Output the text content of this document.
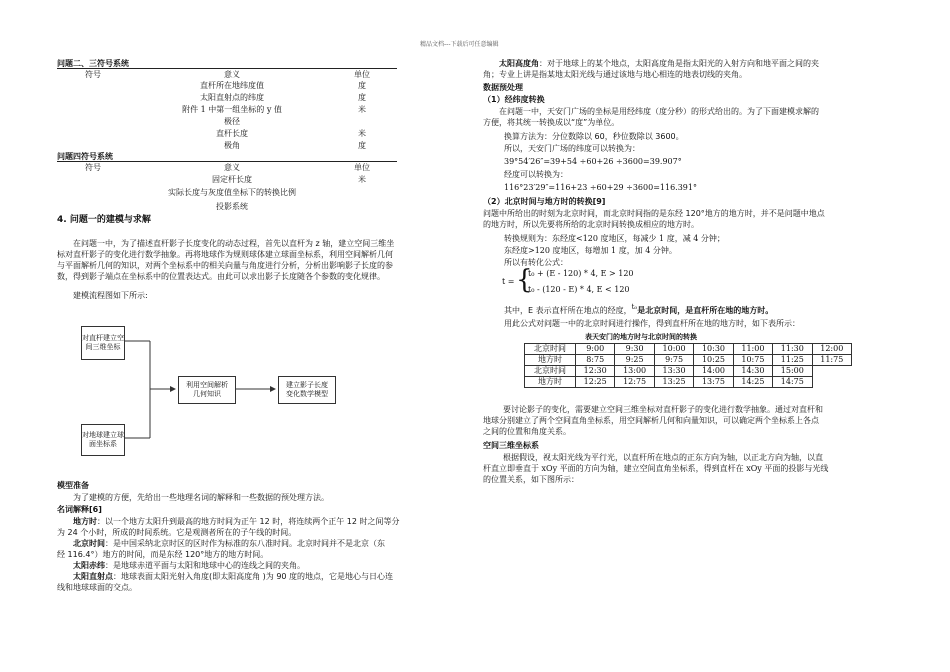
精品文档---下载后可任意编辑
问题二、三符号系统
符号	意义	单位
直杆所在地纬度值	度
太阳直射点的纬度	度
附件 1 中第一组坐标的 y 值	米
极径
直杆长度	米
极角	度
问题四符号系统
符号	意义	单位
固定杆长度	米
实际长度与灰度值坐标下的转换比例
投影系统
4. 问题一的建模与求解
在问题一中，为了描述直杆影子长度变化的动态过程，首先以直杆为 z 轴，建立空间三维坐
标对直杆影子的变化进行数学抽象。再将地球作为规则球体建立球面坐标系，利用空间解析几何
与平面解析几何的知识，对两个坐标系中的相关向量与角度进行分析，分析出影响影子长度的参
数，得到影子端点在坐标系中的位置表达式。由此可以求出影子长度随各个参数的变化规律。
建模流程图如下所示:
对直杆建立空
间三维坐标
对地球建立球
面坐标系
利用空间解析
几何知识
建立影子长度
变化数学模型
模型准备
为了建模的方便，先给出一些地理名词的解释和一些数据的预处理方法。
名词解释[6]
地方时：以一个地方太阳升到最高的地方时间为正午 12 时，将连续两个正午 12 时之间等分
为 24 个小时，所成的时间系统。它是观测者所在的子午线的时间。
北京时间：是中国采纳北京时区的区时作为标准的东八准时间。北京时间并不是北京（东
经 116.4°）地方的时间，而是东经 120°地方的地方时间。
太阳赤纬：是地球赤道平面与太阳和地球中心的连线之间的夹角。
太阳直射点：地球表面太阳光射入角度(即太阳高度角 )为 90 度的地点，它是地心与日心连
线和地球球面的交点。
太阳高度角：对于地球上的某个地点，太阳高度角是指太阳光的入射方向和地平面之间的夹
角；专业上讲是指某地太阳光线与通过该地与地心相连的地表切线的夹角。
数据预处理
（1）经纬度转换
在问题一中，天安门广场的坐标是用经纬度（度分秒）的形式给出的。为了下面建模求解的
方便，将其统一转换成以“度”为单位。
换算方法为：分位数除以 60，秒位数除以 3600。
所以，天安门广场的纬度可以转换为：
39°54′26″=39+54 ÷60+26 ÷3600=39.907°
经度可以转换为：
116°23′29″=116+23 ÷60+29 ÷3600=116.391°
（2）北京时间与地方时的转换[9]
问题中所给出的时刻为北京时间，而北京时间指的是东经 120°地方的地方时，并不是问题中地点
的地方时，所以先要将所给的北京时间转换成相应的地方时。
转换规则为：东经度<120 度地区，每减少 1 度，减 4 分钟；
东经度>120 度地区，每增加 1 度，加 4 分钟。
所以有转化公式：
t = {
t₀ + (E - 120) * 4, E > 120
t₀ - (120 - E) * 4, E < 120
其中，E 表示直杆所在地点的经度，t₀是北京时间，是直杆所在地的地方时。
用此公式对问题一中的北京时间进行操作，得到直杆所在地的地方时，如下表所示：
表天安门的地方时与北京时间的转换
北京时间	9:00	9:30	10:00	10:30	11:00	11:30	12:00
地方时	8:75	9:25	9:75	10:25	10:75	11:25	11:75
北京时间	12:30	13:00	13:30	14:00	14:30	15:00	
地方时	12:25	12:75	13:25	13:75	14:25	14:75	
要讨论影子的变化，需要建立空间三维坐标对直杆影子的变化进行数学抽象。通过对直杆和
地球分别建立了两个空间直角坐标系，用空间解析几何和向量知识，可以确定两个坐标系上各点
之间的位置和角度关系。
空间三维坐标系
根据假设，视太阳光线为平行光，以直杆所在地点的正东方向为轴，以正北方向为轴，以直
杆直立即垂直于 xOy 平面的方向为轴，建立空间直角坐标系，得到直杆在 xOy 平面的投影与光线
的位置关系，如下图所示：
